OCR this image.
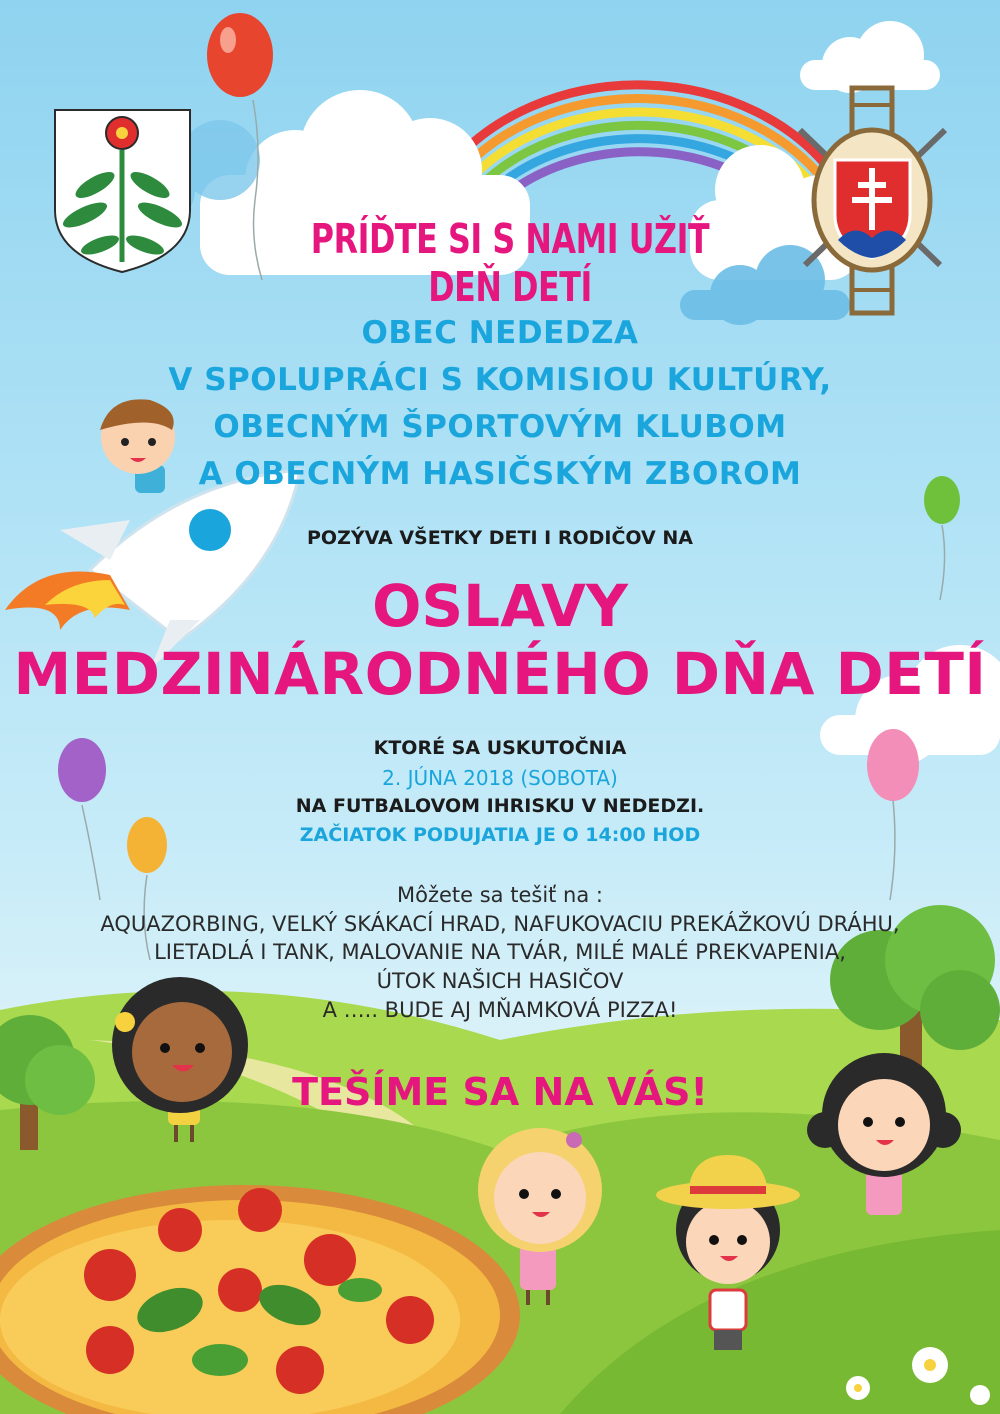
PRÍĎTE SI S NAMI UŽIŤ DEŇ DETÍ

OBEC NEDEDZA

V SPOLUPRÁCI S KOMISIOU KULTÚRY,

OBECNÝM ŠPORTOVÝM KLUBOM

A OBECNÝM HASIČSKÝM ZBOROM

POZÝVA VŠETKY DETI I RODIČOV NA

OSLAVY

MEDZINÁRODNÉHO DŇA DETÍ

KTORÉ SA USKUTOČNIA

2. JÚNA 2018 (SOBOTA)

NA FUTBALOVOM IHRISKU V NEDEDZI.

ZAČIATOK PODUJATIA JE O 14:00 HOD

Môžete sa tešiť na :

AQUAZORBING, VELKÝ SKÁKACÍ HRAD, NAFUKOVACIU PREKÁŽKOVÚ DRÁHU,

LIETADLÁ I TANK, MALOVANIE NA TVÁR, MILÉ MALÉ PREKVAPENIA,

ÚTOK NAŠICH HASIČOV

A ….. BUDE AJ MŇAMKOVÁ PIZZA!

TEŠÍME SA NA VÁS!
